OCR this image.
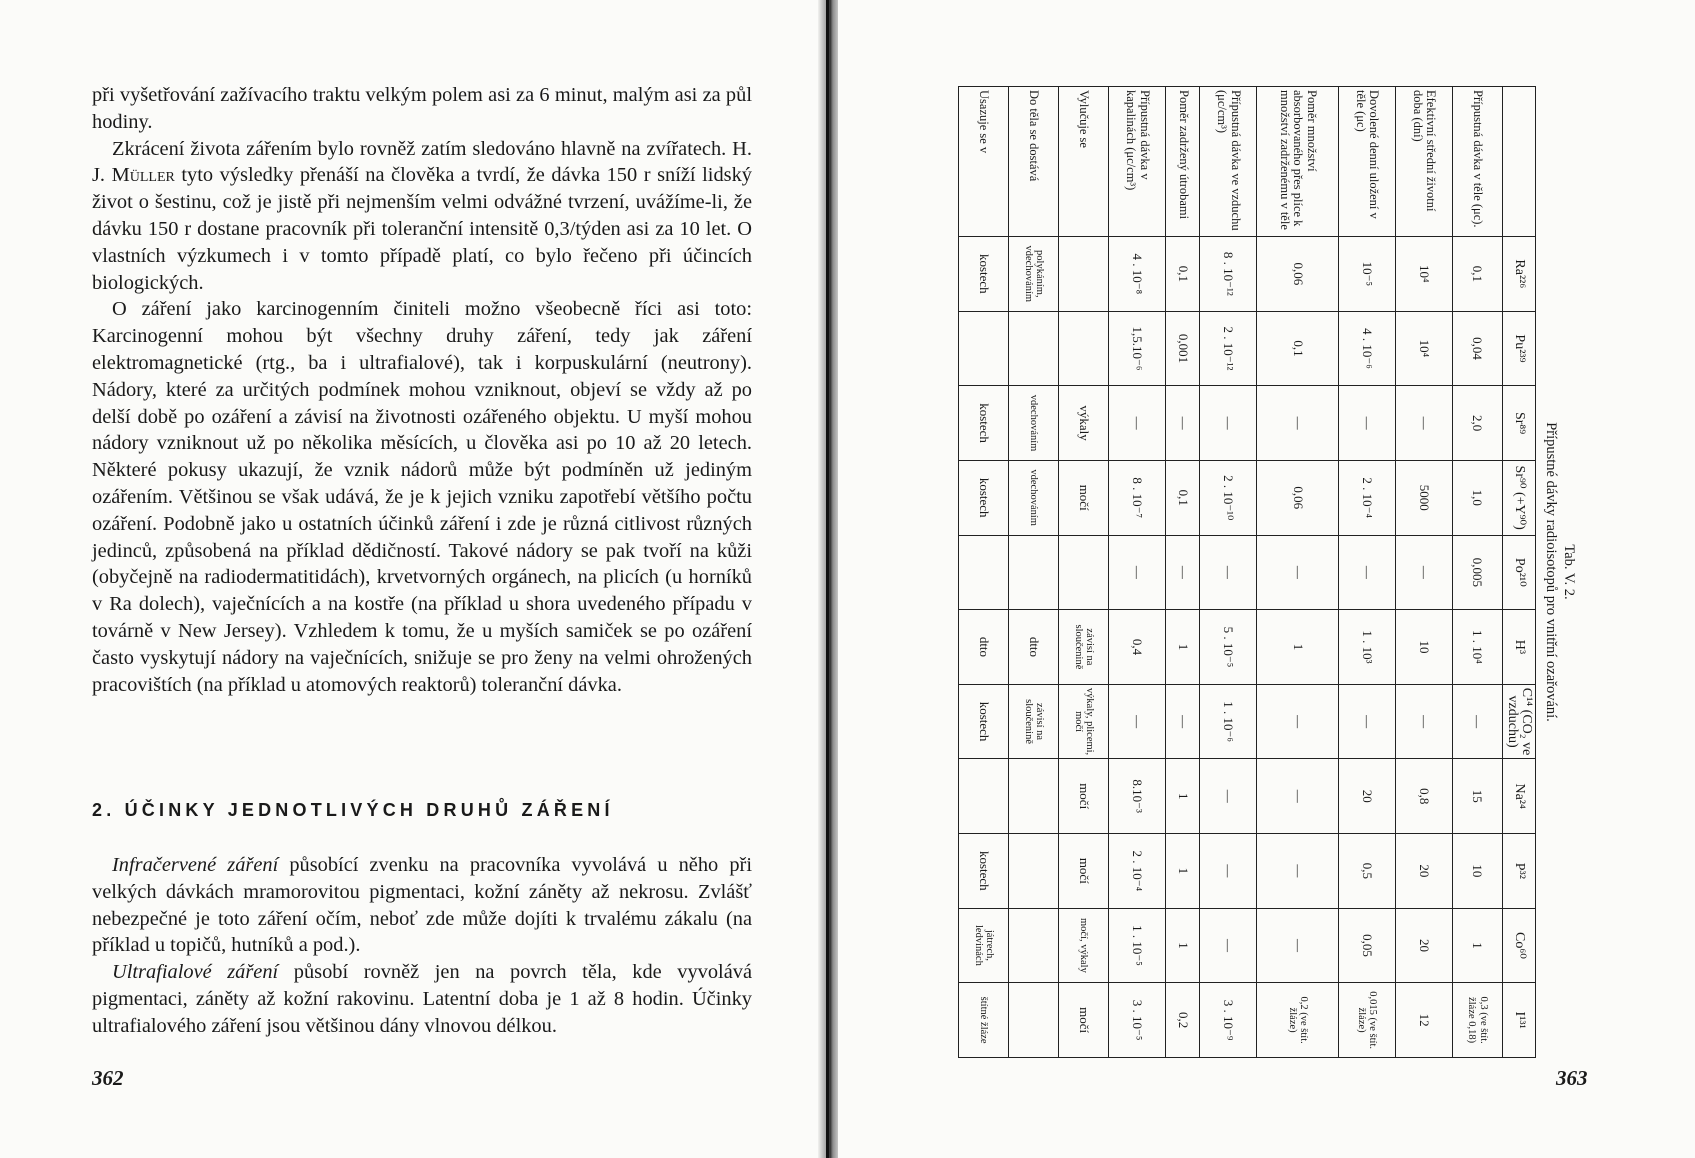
při vyšetřování zažívacího traktu velkým polem asi za 6 minut, malým asi za půl hodiny.

Zkrácení života zářením bylo rovněž zatím sledováno hlavně na zvířatech. H. J. Müller tyto výsledky přenáší na člověka a tvrdí, že dávka 150 r sníží lidský život o šestinu, což je jistě při nejmenším velmi odvážné tvrzení, uvážíme-li, že dávku 150 r dostane pracovník při toleranční intensitě 0,3/týden asi za 10 let. O vlastních výzkumech i v tomto případě platí, co bylo řečeno při účincích biologických.

O záření jako karcinogenním činiteli možno všeobecně říci asi toto: Karcinogenní mohou být všechny druhy záření, tedy jak záření elektromagnetické (rtg., ba i ultrafialové), tak i korpuskulární (neutrony). Nádory, které za určitých podmínek mohou vzniknout, objeví se vždy až po delší době po ozáření a závisí na životnosti ozářeného objektu. U myší mohou nádory vzniknout už po několika měsících, u člověka asi po 10 až 20 letech. Některé pokusy ukazují, že vznik nádorů může být podmíněn už jediným ozářením. Většinou se však udává, že je k jejich vzniku zapotřebí většího počtu ozáření. Podobně jako u ostatních účinků záření i zde je různá citlivost různých jedinců, způsobená na příklad dědičností. Takové nádory se pak tvoří na kůži (obyčejně na radiodermatitidách), krvetvorných orgánech, na plicích (u horníků v Ra dolech), vaječnících a na kostře (na příklad u shora uvedeného případu v továrně v New Jersey). Vzhledem k tomu, že u myších samiček se po ozáření často vyskytují nádory na vaječnících, snižuje se pro ženy na velmi ohrožených pracovištích (na příklad u atomových reaktorů) toleranční dávka.

2. ÚČINKY JEDNOTLIVÝCH DRUHŮ ZÁŘENÍ

Infračervené záření působící zvenku na pracovníka vyvolává u něho při velkých dávkách mramorovitou pigmentaci, kožní záněty až nekrosu. Zvlášť nebezpečné je toto záření očím, neboť zde může dojíti k trvalému zákalu (na příklad u topičů, hutníků a pod.).

Ultrafialové záření působí rovněž jen na povrch těla, kde vyvolává pigmentaci, záněty až kožní rakovinu. Latentní doba je 1 až 8 hodin. Účinky ultrafialového záření jsou většinou dány vlnovou délkou.

362
Tab. V. 2.
Přípustné dávky radioisotopů pro vnitřní ozařování.
	Ra²²⁶	Pu²³⁹	Sr⁸⁹	Sr⁹⁰ (+Y⁹⁰)	Po²¹⁰	H³	C¹⁴ (CO₂ ve vzduchu)	Na²⁴	P³²	Co⁶⁰	I¹³¹
Přípustná dávka v těle (μc).	0,1	0,04	2,0	1,0	0,005	1 . 10⁴	—	15	10	1	0,3 (ve štít. žláze 0,18)
Efektivní střední životní doba (dní)	10⁴	10⁴	—	5000	—	10	—	0,8	20	20	12
Dovolené denní uložení v těle (μc)	10⁻⁵	4 . 10⁻⁶	—	2 . 10⁻⁴	—	1 . 10³	—	20	0,5	0,05	0,015 (ve štít. žláze)
Poměr množství absorbovaného přes plíce k množství zadrženému v těle	0,06	0,1	—	0,06	—	1	—	—	—	—	0,2 (ve štít. žláze)
Přípustná dávka ve vzduchu (μc/cm³)	8 . 10⁻¹²	2 . 10⁻¹²	—	2 . 10⁻¹⁰	—	5 . 10⁻⁵	1 . 10⁻⁶	—	—	—	3 . 10⁻⁹
Poměr zadržený útrobami	0,1	0,001	—	0,1	—	1	—	1	1	1	0,2
Přípustná dávka v kapalinách (μc/cm³)	4 . 10⁻⁸	1,5.10⁻⁶	—	8 . 10⁻⁷	—	0,4	—	8.10⁻³	2 . 10⁻⁴	1 . 10⁻⁵	3 . 10⁻⁵
Vylučuje se			výkaly	močí		závisí na sloučenině	výkaly, plicemi, močí	močí	močí	močí, výkaly	močí
Do těla se dostává	polykáním, vdechováním		vdechováním	vdechováním		dtto	závisí na sloučenině				
Usazuje se v	kostech		kostech	kostech		dtto	kostech		kostech	játrech, ledvinách	štítné žláze
363
